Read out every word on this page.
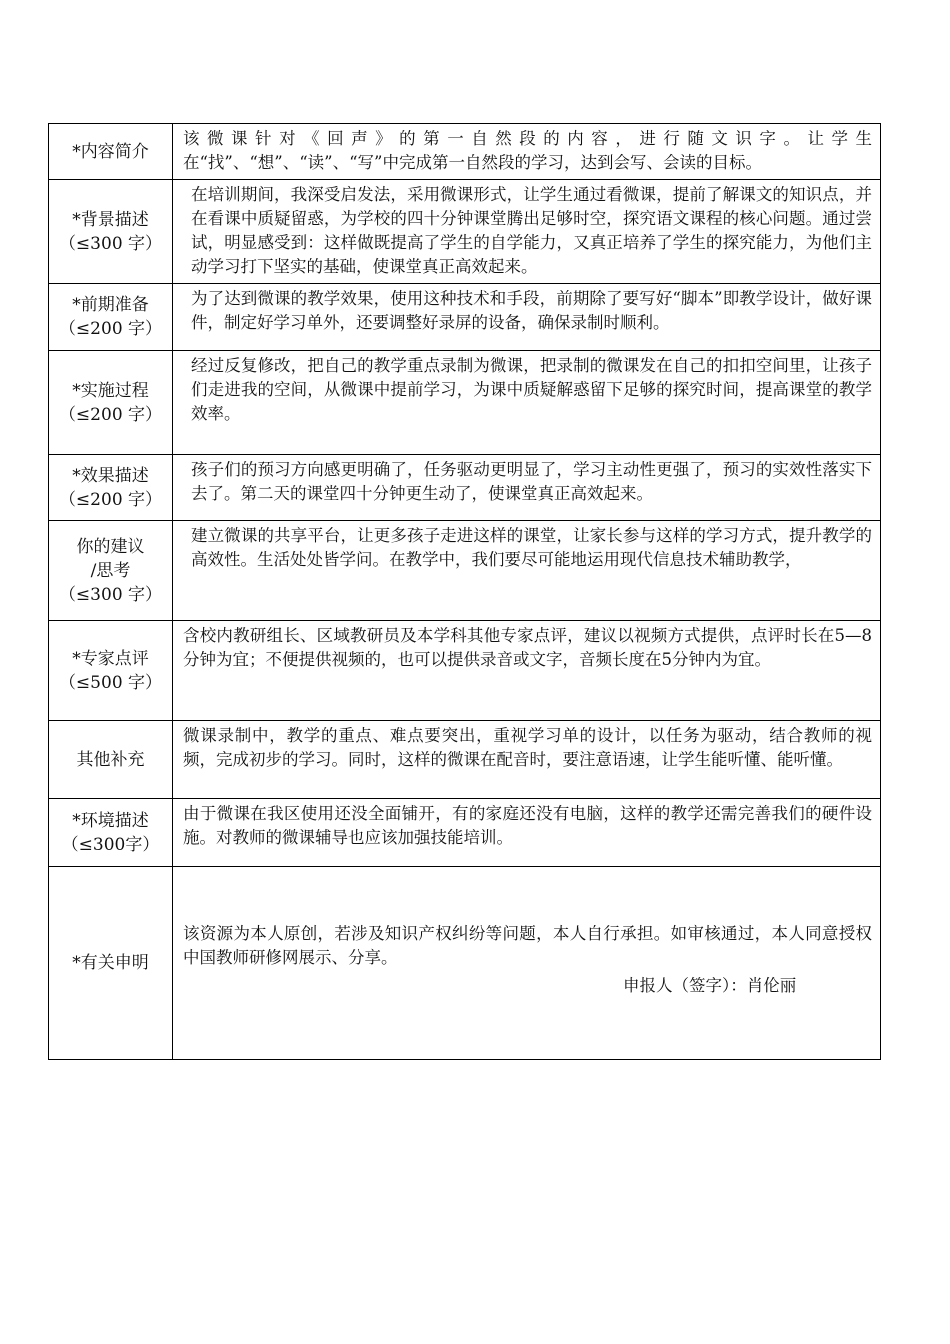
*内容简介	该微课针对《回声》的第一自然段的内容，进行随文识字。让学生在“找”、“想”、“读”、“写”中完成第一自然段的学习，达到会写、会读的目标。

*背景描述
（≤300 字）	在培训期间，我深受启发法，采用微课形式，让学生通过看微课，提前了解课文的知识点，并在看课中质疑留惑，为学校的四十分钟课堂腾出足够时空，探究语文课程的核心问题。通过尝试，明显感受到：这样做既提高了学生的自学能力，又真正培养了学生的探究能力，为他们主动学习打下坚实的基础，使课堂真正高效起来。

*前期准备
（≤200 字）	为了达到微课的教学效果，使用这种技术和手段，前期除了要写好“脚本”即教学设计，做好课件，制定好学习单外，还要调整好录屏的设备，确保录制时顺利。

*实施过程
（≤200 字）	经过反复修改，把自己的教学重点录制为微课，把录制的微课发在自己的扣扣空间里，让孩子们走进我的空间，从微课中提前学习，为课中质疑解惑留下足够的探究时间，提高课堂的教学效率。

*效果描述
（≤200 字）	孩子们的预习方向感更明确了，任务驱动更明显了，学习主动性更强了，预习的实效性落实下去了。第二天的课堂四十分钟更生动了，使课堂真正高效起来。

你的建议
/思考
（≤300 字）	建立微课的共享平台，让更多孩子走进这样的课堂，让家长参与这样的学习方式，提升教学的高效性。生活处处皆学问。在教学中，我们要尽可能地运用现代信息技术辅助教学，

*专家点评
（≤500 字）	含校内教研组长、区域教研员及本学科其他专家点评，建议以视频方式提供，点评时长在5—8分钟为宜；不便提供视频的，也可以提供录音或文字，音频长度在5分钟内为宜。

其他补充	微课录制中，教学的重点、难点要突出，重视学习单的设计，以任务为驱动，结合教师的视频，完成初步的学习。同时，这样的微课在配音时，要注意语速，让学生能听懂、能听懂。

*环境描述
（≤300字）	由于微课在我区使用还没全面铺开，有的家庭还没有电脑，这样的教学还需完善我们的硬件设施。对教师的微课辅导也应该加强技能培训。

*有关申明	该资源为本人原创，若涉及知识产权纠纷等问题，本人自行承担。如审核通过，本人同意授权中国教师研修网展示、分享。
申报人（签字）：肖伦丽
